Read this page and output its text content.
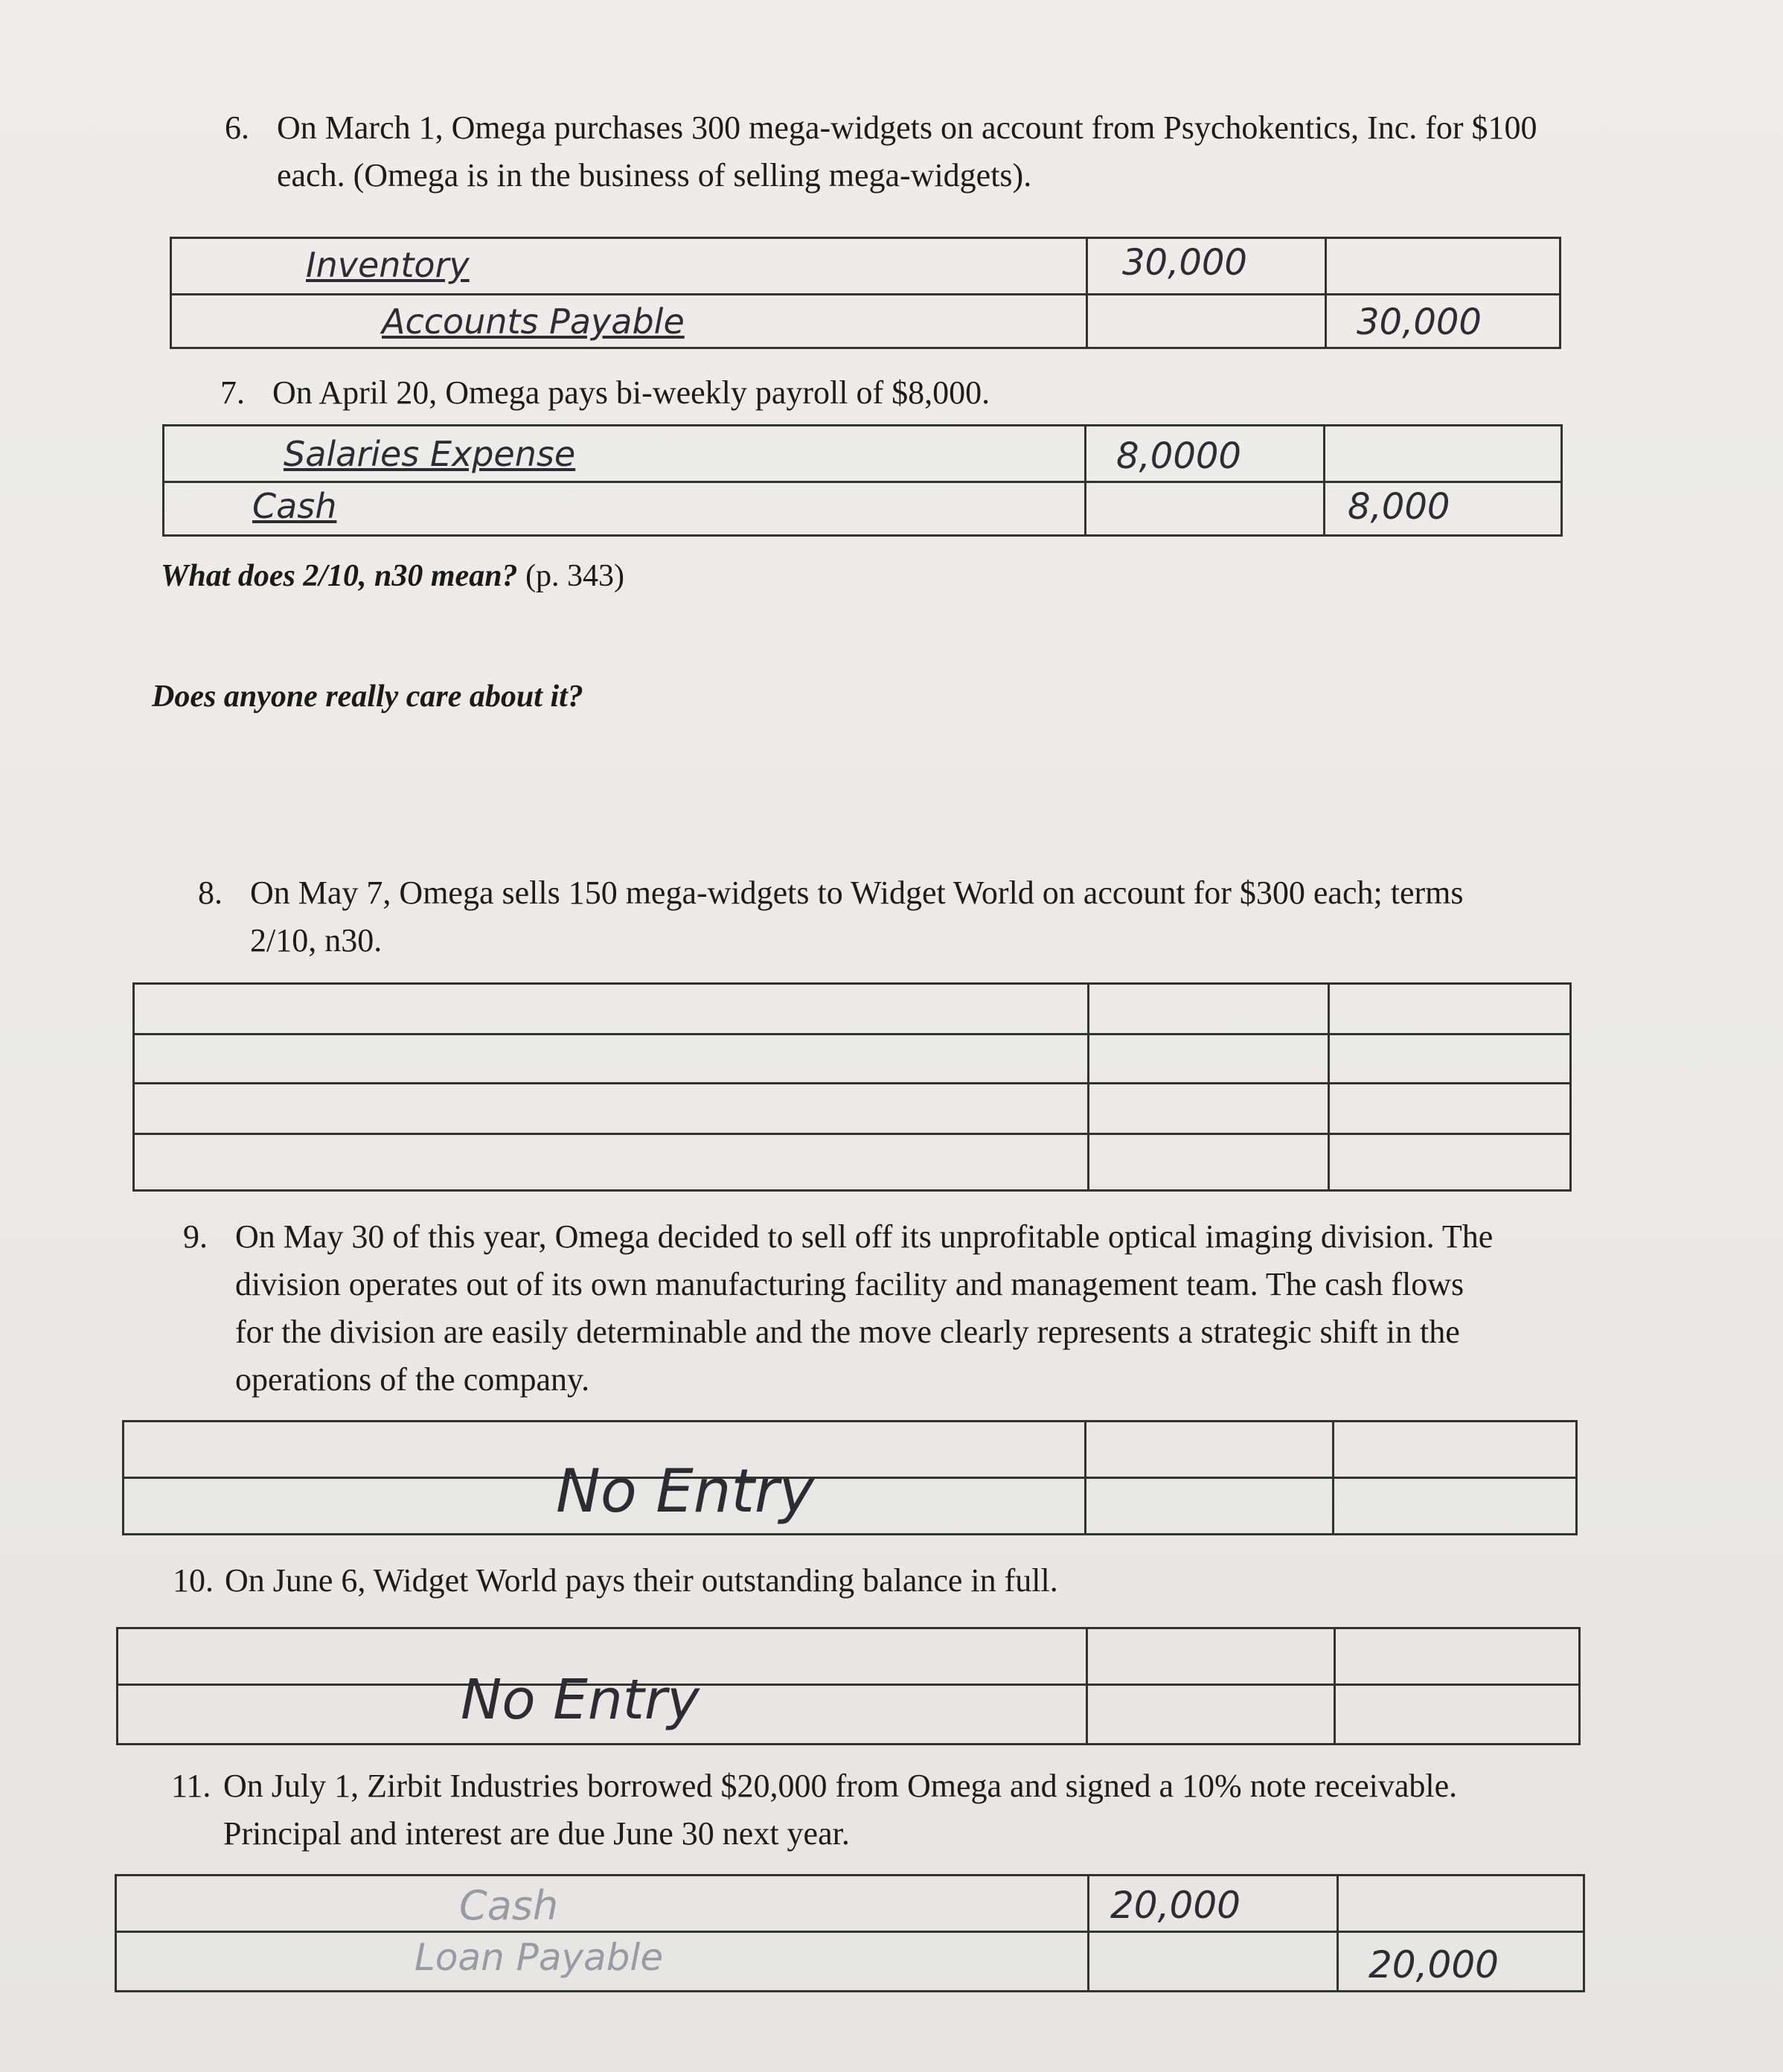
6. On March 1, Omega purchases 300 mega-widgets on account from Psychokentics, Inc. for $100
each. (Omega is in the business of selling mega-widgets).
Inventory	30,000	

Accounts Payable		30,000
7. On April 20, Omega pays bi-weekly payroll of $8,000.
Salaries Expense	8,0000	

Cash		8,000
What does 2/10, n30 mean? (p. 343)
Does anyone really care about it?
8. On May 7, Omega sells 150 mega-widgets to Widget World on account for $300 each; terms
2/10, n30.

9. On May 30 of this year, Omega decided to sell off its unprofitable optical imaging division. The
division operates out of its own manufacturing facility and management team. The cash flows
for the division are easily determinable and the move clearly represents a strategic shift in the
operations of the company.

No Entry		

10. On June 6, Widget World pays their outstanding balance in full.

No Entry		

11. On July 1, Zirbit Industries borrowed $20,000 from Omega and signed a 10% note receivable.
Principal and interest are due June 30 next year.
Cash	20,000	

Loan Payable		20,000
